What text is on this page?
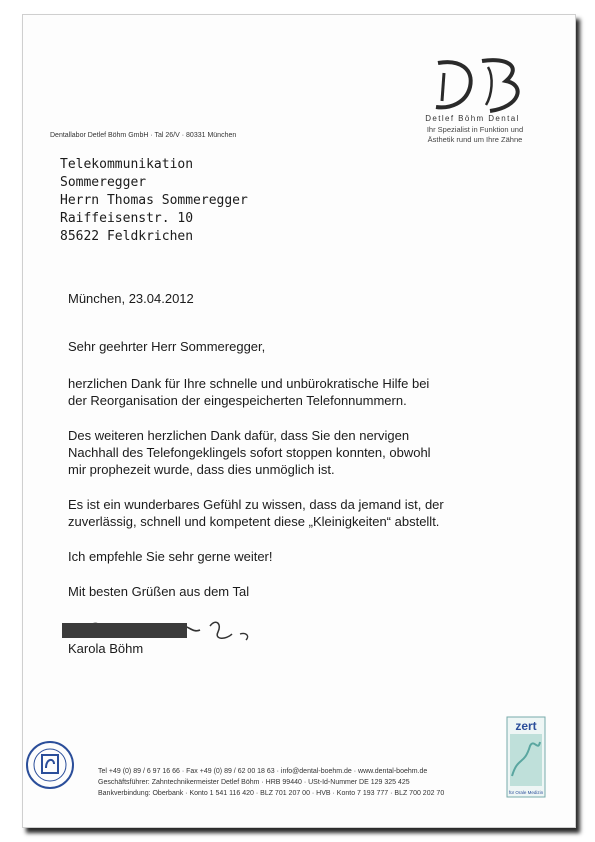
Detlef Böhm Dental
Ihr Spezialist in Funktion und
Ästhetik rund um Ihre Zähne
Dentallabor Detlef Böhm GmbH · Tal 26/V · 80331 München
Telekommunikation
Sommeregger
Herrn Thomas Sommeregger
Raiffeisenstr. 10
85622 Feldkrichen

München, 23.04.2012

Sehr geehrter Herr Sommeregger,

herzlichen Dank für Ihre schnelle und unbürokratische Hilfe bei
der Reorganisation der eingespeicherten Telefonnummern.

Des weiteren herzlichen Dank dafür, dass Sie den nervigen
Nachhall des Telefongeklingels sofort stoppen konnten, obwohl
mir prophezeit wurde, dass dies unmöglich ist.

Es ist ein wunderbares Gefühl zu wissen, dass da jemand ist, der
zuverlässig, schnell und kompetent diese „Kleinigkeiten“ abstellt.

Ich empfehle Sie sehr gerne weiter!

Mit besten Grüßen aus dem Tal

Karola Böhm
Tel +49 (0) 89 / 6 97 16 66 · Fax +49 (0) 89 / 62 00 18 63 · info@dental-boehm.de · www.dental-boehm.de
Geschäftsführer: Zahntechnikermeister Detlef Böhm · HRB 99440 · USt-Id-Nummer DE 129 325 425
Bankverbindung: Oberbank · Konto 1 541 116 420 · BLZ 701 207 00 · HVB · Konto 7 193 777 · BLZ 700 202 70
zert
für Orale Medizin
